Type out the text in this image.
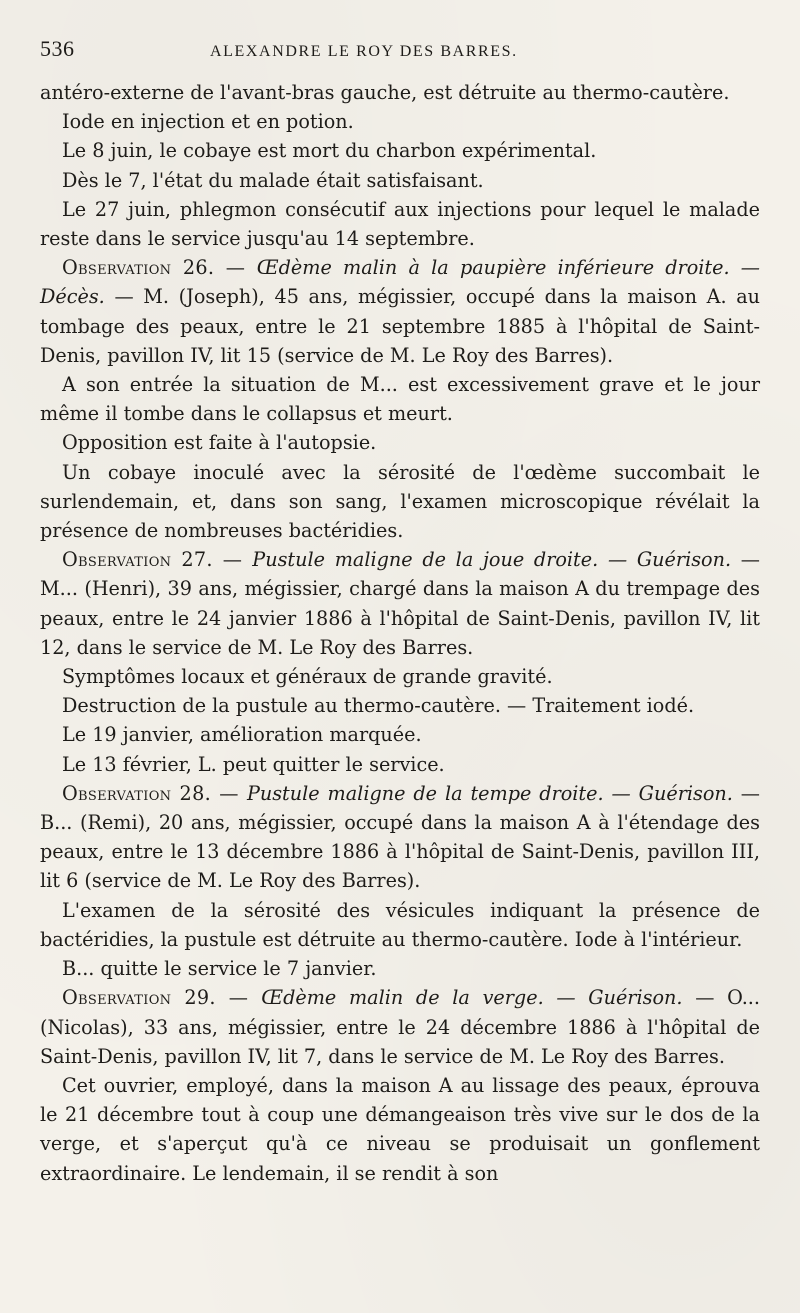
536	ALEXANDRE LE ROY DES BARRES.

antéro-externe de l'avant-bras gauche, est détruite au thermo-cautère.

Iode en injection et en potion.

Le 8 juin, le cobaye est mort du charbon expérimental.

Dès le 7, l'état du malade était satisfaisant.

Le 27 juin, phlegmon consécutif aux injections pour lequel le malade reste dans le service jusqu'au 14 septembre.

Observation 26. — Œdème malin à la paupière inférieure droite. — Décès. — M. (Joseph), 45 ans, mégissier, occupé dans la maison A. au tombage des peaux, entre le 21 septembre 1885 à l'hôpital de Saint-Denis, pavillon IV, lit 15 (service de M. Le Roy des Barres).

A son entrée la situation de M... est excessivement grave et le jour même il tombe dans le collapsus et meurt.

Opposition est faite à l'autopsie.

Un cobaye inoculé avec la sérosité de l'œdème succombait le surlendemain, et, dans son sang, l'examen microscopique révélait la présence de nombreuses bactéridies.

Observation 27. — Pustule maligne de la joue droite. — Guérison. — M... (Henri), 39 ans, mégissier, chargé dans la maison A du trempage des peaux, entre le 24 janvier 1886 à l'hôpital de Saint-Denis, pavillon IV, lit 12, dans le service de M. Le Roy des Barres.

Symptômes locaux et généraux de grande gravité.

Destruction de la pustule au thermo-cautère. — Traitement iodé.

Le 19 janvier, amélioration marquée.

Le 13 février, L. peut quitter le service.

Observation 28. — Pustule maligne de la tempe droite. — Guérison. — B... (Remi), 20 ans, mégissier, occupé dans la maison A à l'étendage des peaux, entre le 13 décembre 1886 à l'hôpital de Saint-Denis, pavillon III, lit 6 (service de M. Le Roy des Barres).

L'examen de la sérosité des vésicules indiquant la présence de bactéridies, la pustule est détruite au thermo-cautère. Iode à l'intérieur.

B... quitte le service le 7 janvier.

Observation 29. — Œdème malin de la verge. — Guérison. — O... (Nicolas), 33 ans, mégissier, entre le 24 décembre 1886 à l'hôpital de Saint-Denis, pavillon IV, lit 7, dans le service de M. Le Roy des Barres.

Cet ouvrier, employé, dans la maison A au lissage des peaux, éprouva le 21 décembre tout à coup une démangeaison très vive sur le dos de la verge, et s'aperçut qu'à ce niveau se produisait un gonflement extraordinaire. Le lendemain, il se rendit à son
